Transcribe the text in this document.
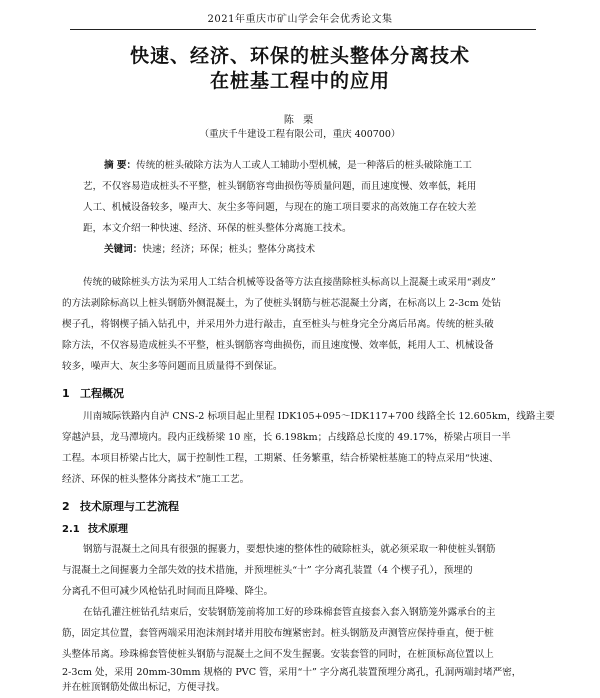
2021年重庆市矿山学会年会优秀论文集
快速、经济、环保的桩头整体分离技术
在桩基工程中的应用
陈 栗
（重庆千牛建设工程有限公司，重庆 400700）
摘 要：传统的桩头破除方法为人工或人工辅助小型机械，是一种落后的桩头破除施工工
艺，不仅容易造成桩头不平整，桩头钢筋容弯曲损伤等质量问题，而且速度慢、效率低，耗用
人工、机械设备较多，噪声大、灰尘多等问题，与现在的施工项目要求的高效施工存在较大差
距，本文介绍一种快速、经济、环保的桩头整体分离施工技术。
关键词：快速；经济；环保；桩头；整体分离技术
传统的破除桩头方法为采用人工结合机械等设备等方法直接凿除桩头标高以上混凝土或采用“剥皮”
的方法剥除标高以上桩头钢筋外侧混凝土，为了使桩头钢筋与桩芯混凝土分离，在标高以上 2-3cm 处钻
楔子孔，将钢楔子插入钻孔中，并采用外力进行敲击，直至桩头与桩身完全分离后吊离。传统的桩头破
除方法，不仅容易造成桩头不平整，桩头钢筋容弯曲损伤，而且速度慢、效率低，耗用人工、机械设备
较多，噪声大、灰尘多等问题而且质量得不到保证。
1 工程概况
川南城际铁路内自泸 CNS-2 标项目起止里程 IDK105+095～IDK117+700 线路全长 12.605km，线路主要
穿越泸县，龙马潭境内。段内正线桥梁 10 座，长 6.198km；占线路总长度的 49.17%，桥梁占项目一半
工程。本项目桥梁占比大，属于控制性工程，工期紧、任务繁重，结合桥梁桩基施工的特点采用“快速、
经济、环保的桩头整体分离技术”施工工艺。
2 技术原理与工艺流程
2.1 技术原理
钢筋与混凝土之间具有很强的握裹力，要想快速的整体性的破除桩头，就必须采取一种使桩头钢筋
与混凝土之间握裹力全部失效的技术措施，并预埋桩头“十” 字分离孔装置（4 个楔子孔），预埋的
分离孔不但可减少风枪钻孔时间而且降噪、降尘。
在钻孔灌注桩钻孔结束后，安装钢筋笼前将加工好的珍珠棉套管直接套入套入钢筋笼外露承台的主
筋，固定其位置，套管两端采用泡沫剂封堵并用胶布缠紧密封。桩头钢筋及声测管应保持垂直，便于桩
头整体吊离。珍珠棉套管使桩头钢筋与混凝土之间不发生握裹。安装套管的同时，在桩顶标高位置以上
2-3cm 处，采用 20mm-30mm 规格的 PVC 管，采用“十” 字分离孔装置预埋分离孔，孔洞两端封堵严密，
并在桩顶钢筋处做出标记，方便寻找。
